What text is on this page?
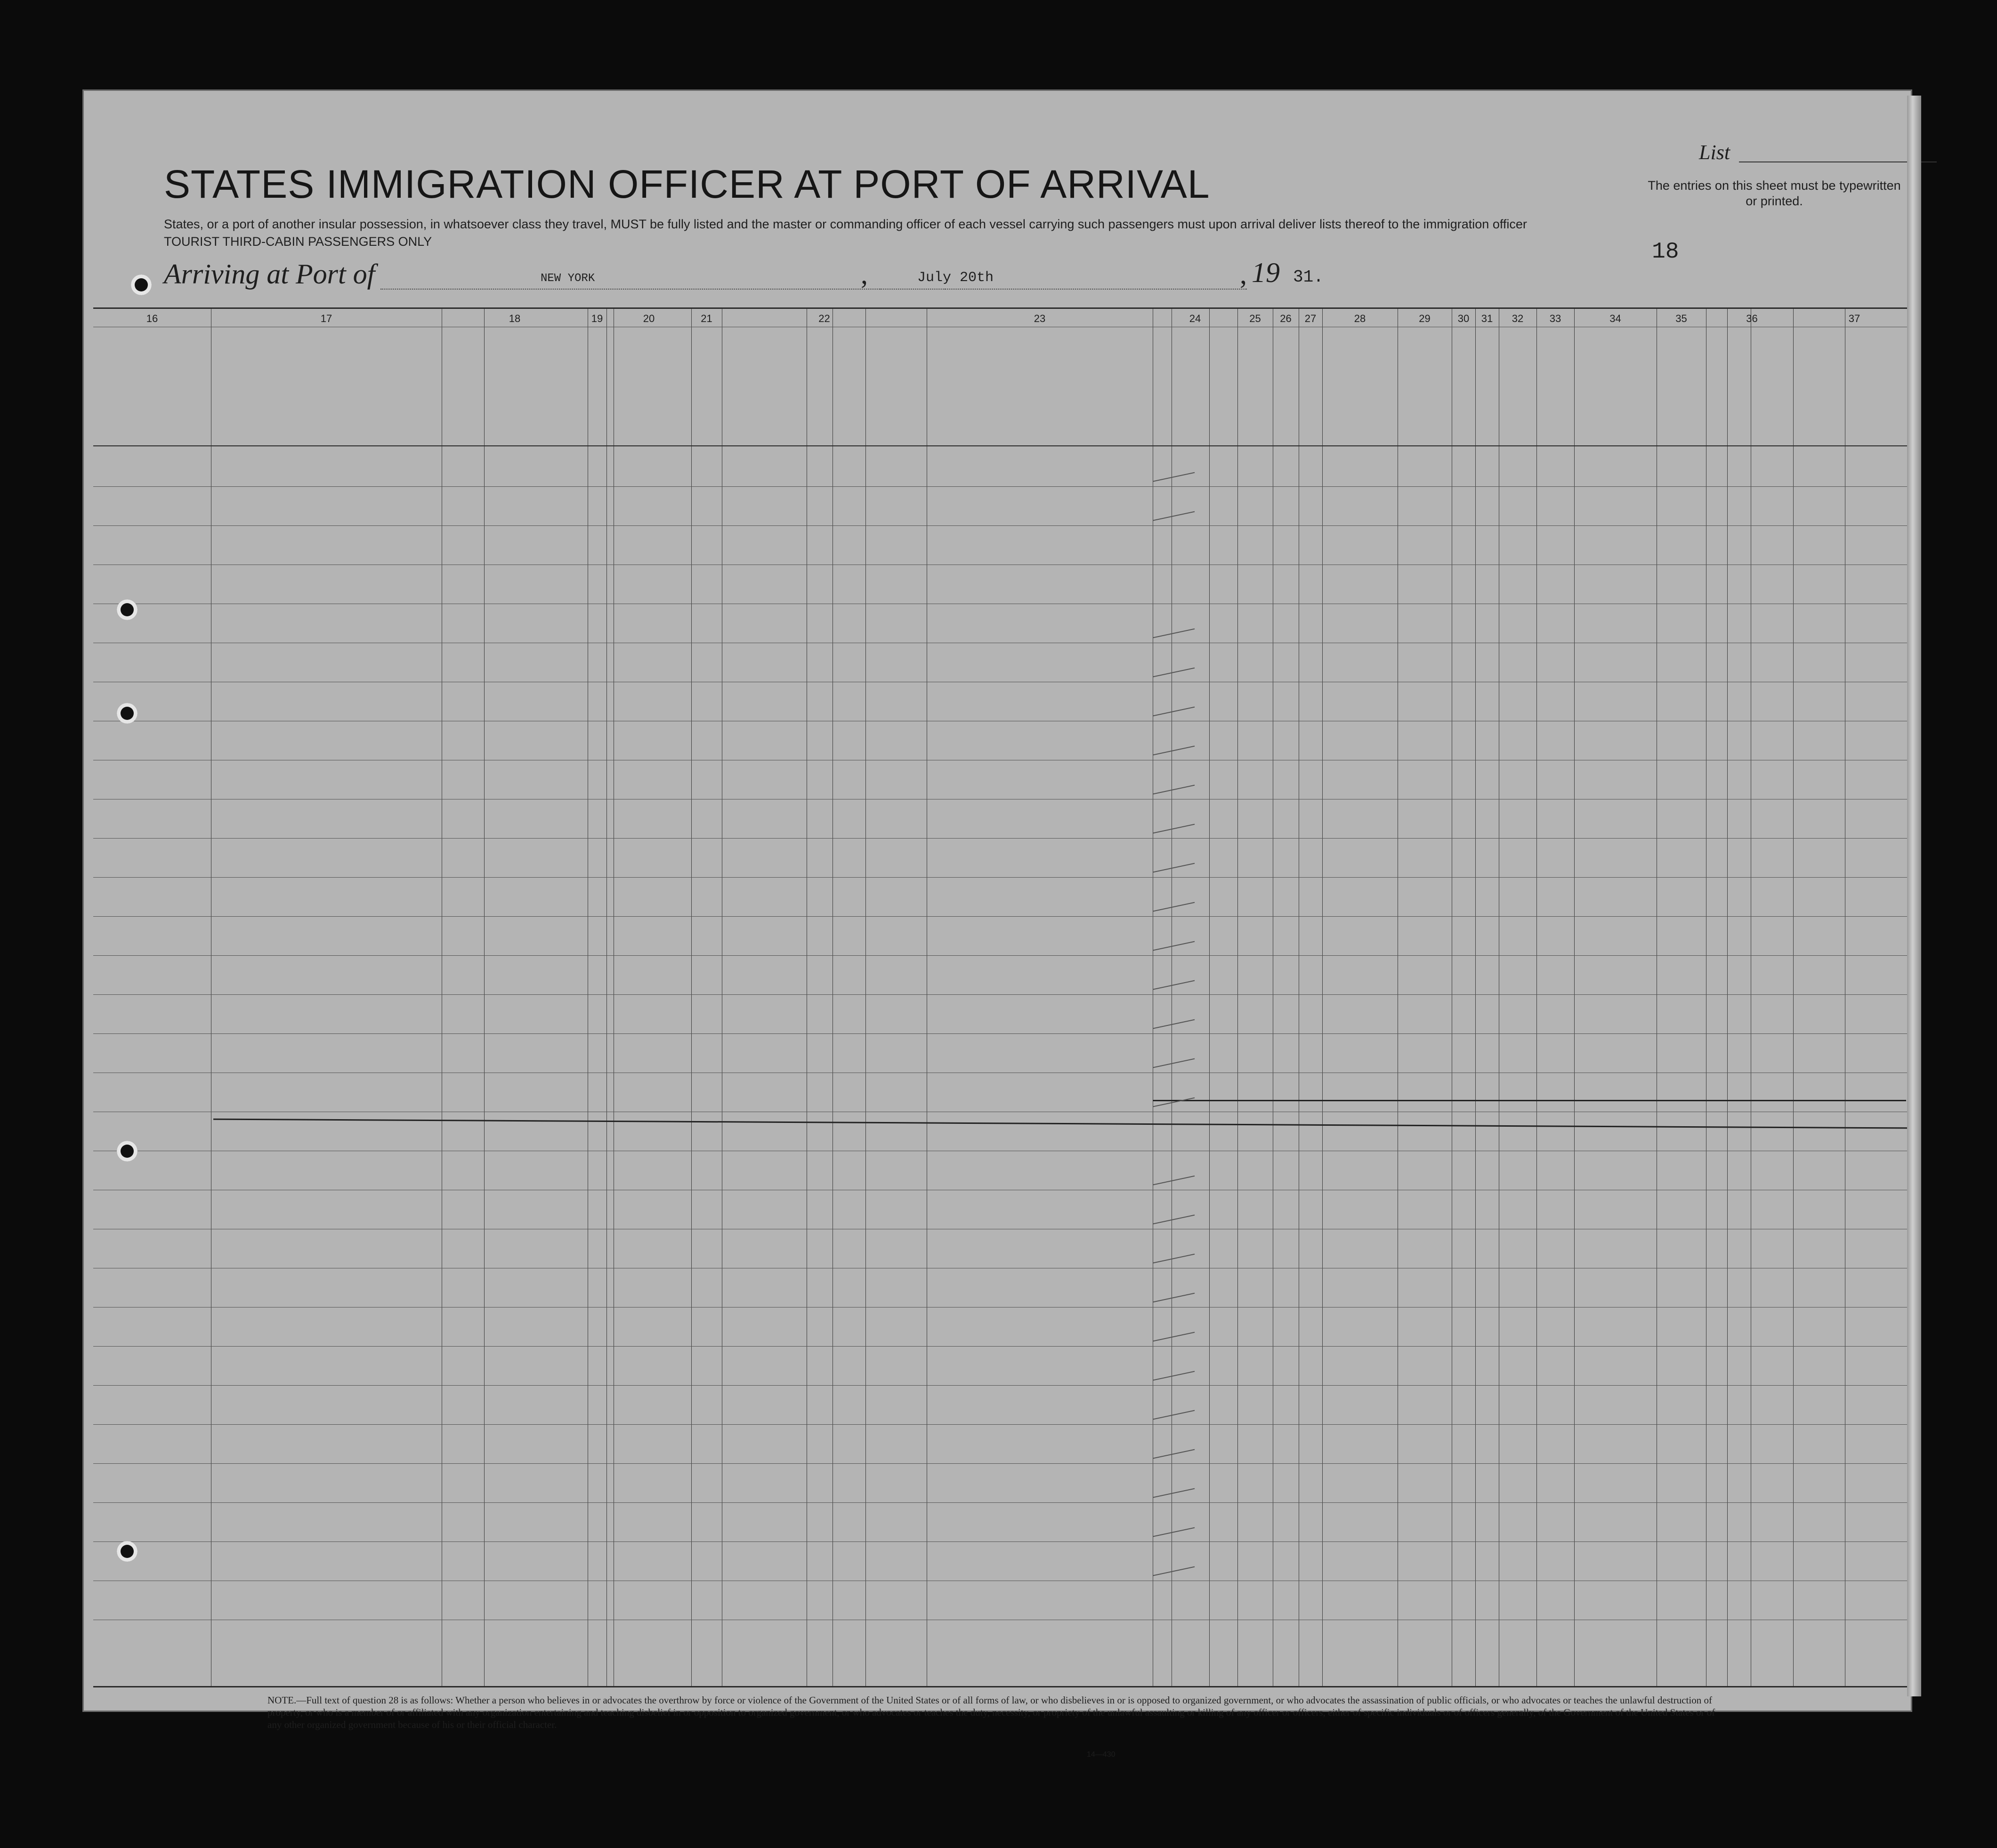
STATES IMMIGRATION OFFICER AT PORT OF ARRIVAL
States, or a port of another insular possession, in whatsoever class they travel, MUST be fully listed and the master or commanding officer of each vessel carrying such passengers must upon arrival deliver lists thereof to the immigration officer
TOURIST THIRD-CABIN PASSENGERS ONLY
List
The entries on this sheet must be typewritten or printed.
18
Arriving at Port of	NEW YORK	,	July 20th	, 19 31.
16	17	18	19	20	21	22	23	24	25	26	27	28	29	30	31	32	33	34	35	36	37
NOTE.—Full text of question 28 is as follows: Whether a person who believes in or advocates the overthrow by force or violence of the Government of the United States or of all forms of law, or who disbelieves in or is opposed to organized government, or who advocates the assassination of public officials, or who advocates or teaches the unlawful destruction of property, or who is a member of or affiliated with any organization entertaining and teaching disbelief in or opposition to organized government, or who advocates or teaches the duty, necessity, or propriety of the unlawful assaulting or killing of any officer or officers, either of specific individuals or of officers generally, of the Government of the United States or of any other organized government because of his or their official character.
14—430
